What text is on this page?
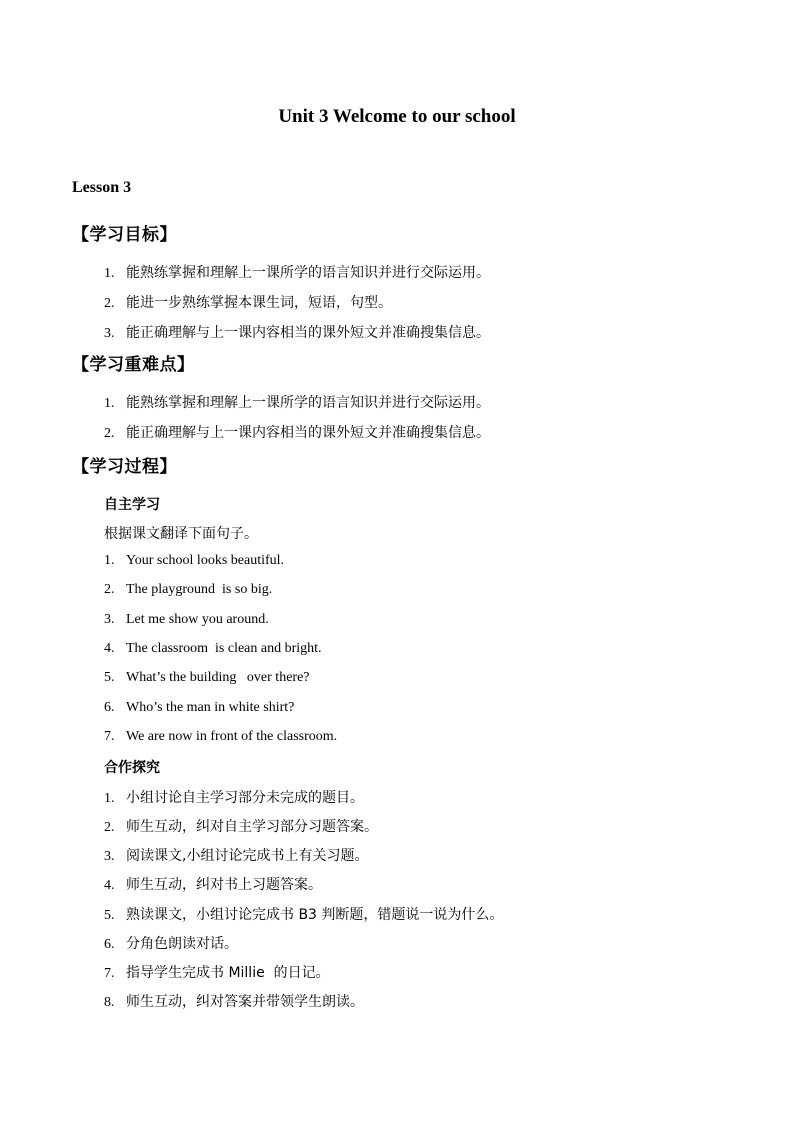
Unit 3 Welcome to our school
Lesson 3
【学习目标】
1. 能熟练掌握和理解上一课所学的语言知识并进行交际运用。
2. 能进一步熟练掌握本课生词，短语，句型。
3. 能正确理解与上一课内容相当的课外短文并准确搜集信息。
【学习重难点】
1. 能熟练掌握和理解上一课所学的语言知识并进行交际运用。
2. 能正确理解与上一课内容相当的课外短文并准确搜集信息。
【学习过程】
自主学习
根据课文翻译下面句子。
1. Your school looks beautiful.
2. The playground  is so big.
3. Let me show you around.
4. The classroom  is clean and bright.
5. What’s the building   over there?
6. Who’s the man in white shirt?
7. We are now in front of the classroom.
合作探究
1. 小组讨论自主学习部分未完成的题目。
2. 师生互动，纠对自主学习部分习题答案。
3. 阅读课文,小组讨论完成书上有关习题。
4. 师生互动，纠对书上习题答案。
5. 熟读课文，小组讨论完成书 B3 判断题，错题说一说为什么。
6. 分角色朗读对话。
7. 指导学生完成书 Millie  的日记。
8. 师生互动，纠对答案并带领学生朗读。
